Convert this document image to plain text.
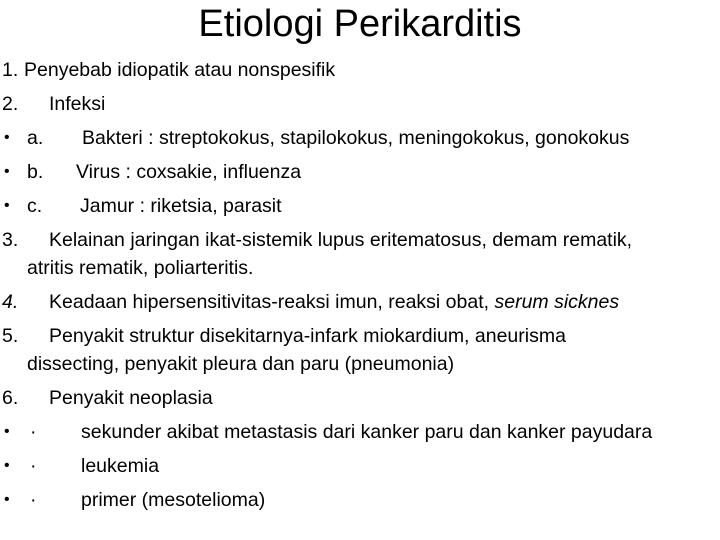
Etiologi Perikarditis
1. Penyebab idiopatik atau nonspesifik
2. Infeksi
• a. Bakteri : streptokokus, stapilokokus, meningokokus, gonokokus
• b. Virus : coxsakie, influenza
• c. Jamur : riketsia, parasit
3. Kelainan jaringan ikat-sistemik lupus eritematosus, demam rematik,
atritis rematik, poliarteritis.
4. Keadaan hipersensitivitas-reaksi imun, reaksi obat, serum sicknes
5. Penyakit struktur disekitarnya-infark miokardium, aneurisma
dissecting, penyakit pleura dan paru (pneumonia)
6. Penyakit neoplasia
• · sekunder akibat metastasis dari kanker paru dan kanker payudara
• · leukemia
• · primer (mesotelioma)
